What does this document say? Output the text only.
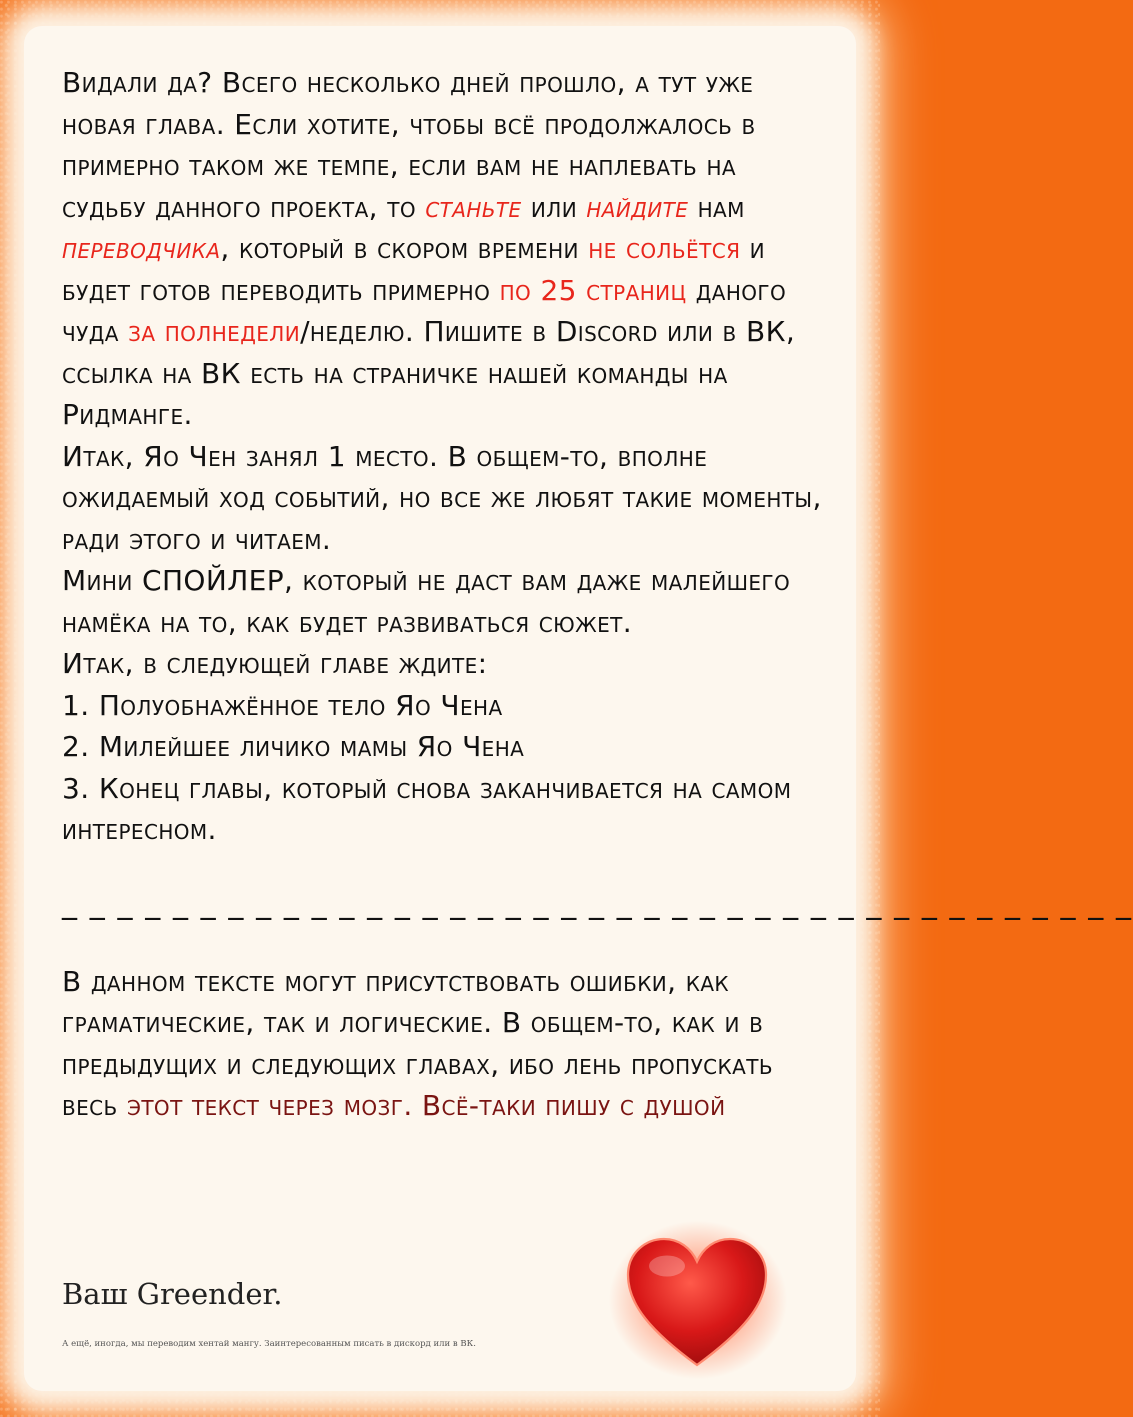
Видали да? Всего несколько дней прошло, а тут уже новая глава. Если хотите, чтобы всё продолжалось в примерно таком же темпе, если вам не наплевать на судьбу данного проекта, то станьте или найдите нам переводчика, который в скором времени не сольётся и будет готов переводить примерно по 25 страниц даного чуда за полнедели/неделю. Пишите в Discord или в ВК, ссылка на ВК есть на страничке нашей команды на Ридманге.

Итак, Яо Чен занял 1 место. В общем-то, вполне ожидаемый ход событий, но все же любят такие моменты, ради этого и читаем.

Мини СПОЙЛЕР, который не даст вам даже малейшего намёка на то, как будет развиваться сюжет.

Итак, в следующей главе ждите:

1. Полуобнажённое тело Яо Чена

2. Милейшее личико мамы Яо Чена

3. Конец главы, который снова заканчивается на самом интересном.

_ _ _ _ _ _ _ _ _ _ _ _ _ _ _ _ _ _ _ _ _ _ _ _ _ _ _ _ _ _ _ _ _ _ _ _ _ _ _

В данном тексте могут присутствовать ошибки, как граматические, так и логические. В общем-то, как и в предыдущих и следующих главах, ибо лень пропускать весь этот текст через мозг. Всё-таки пишу с душой

Ваш Greender.
А ещё, иногда, мы переводим хентай мангу. Заинтересованным писать в дискорд или в ВК.
